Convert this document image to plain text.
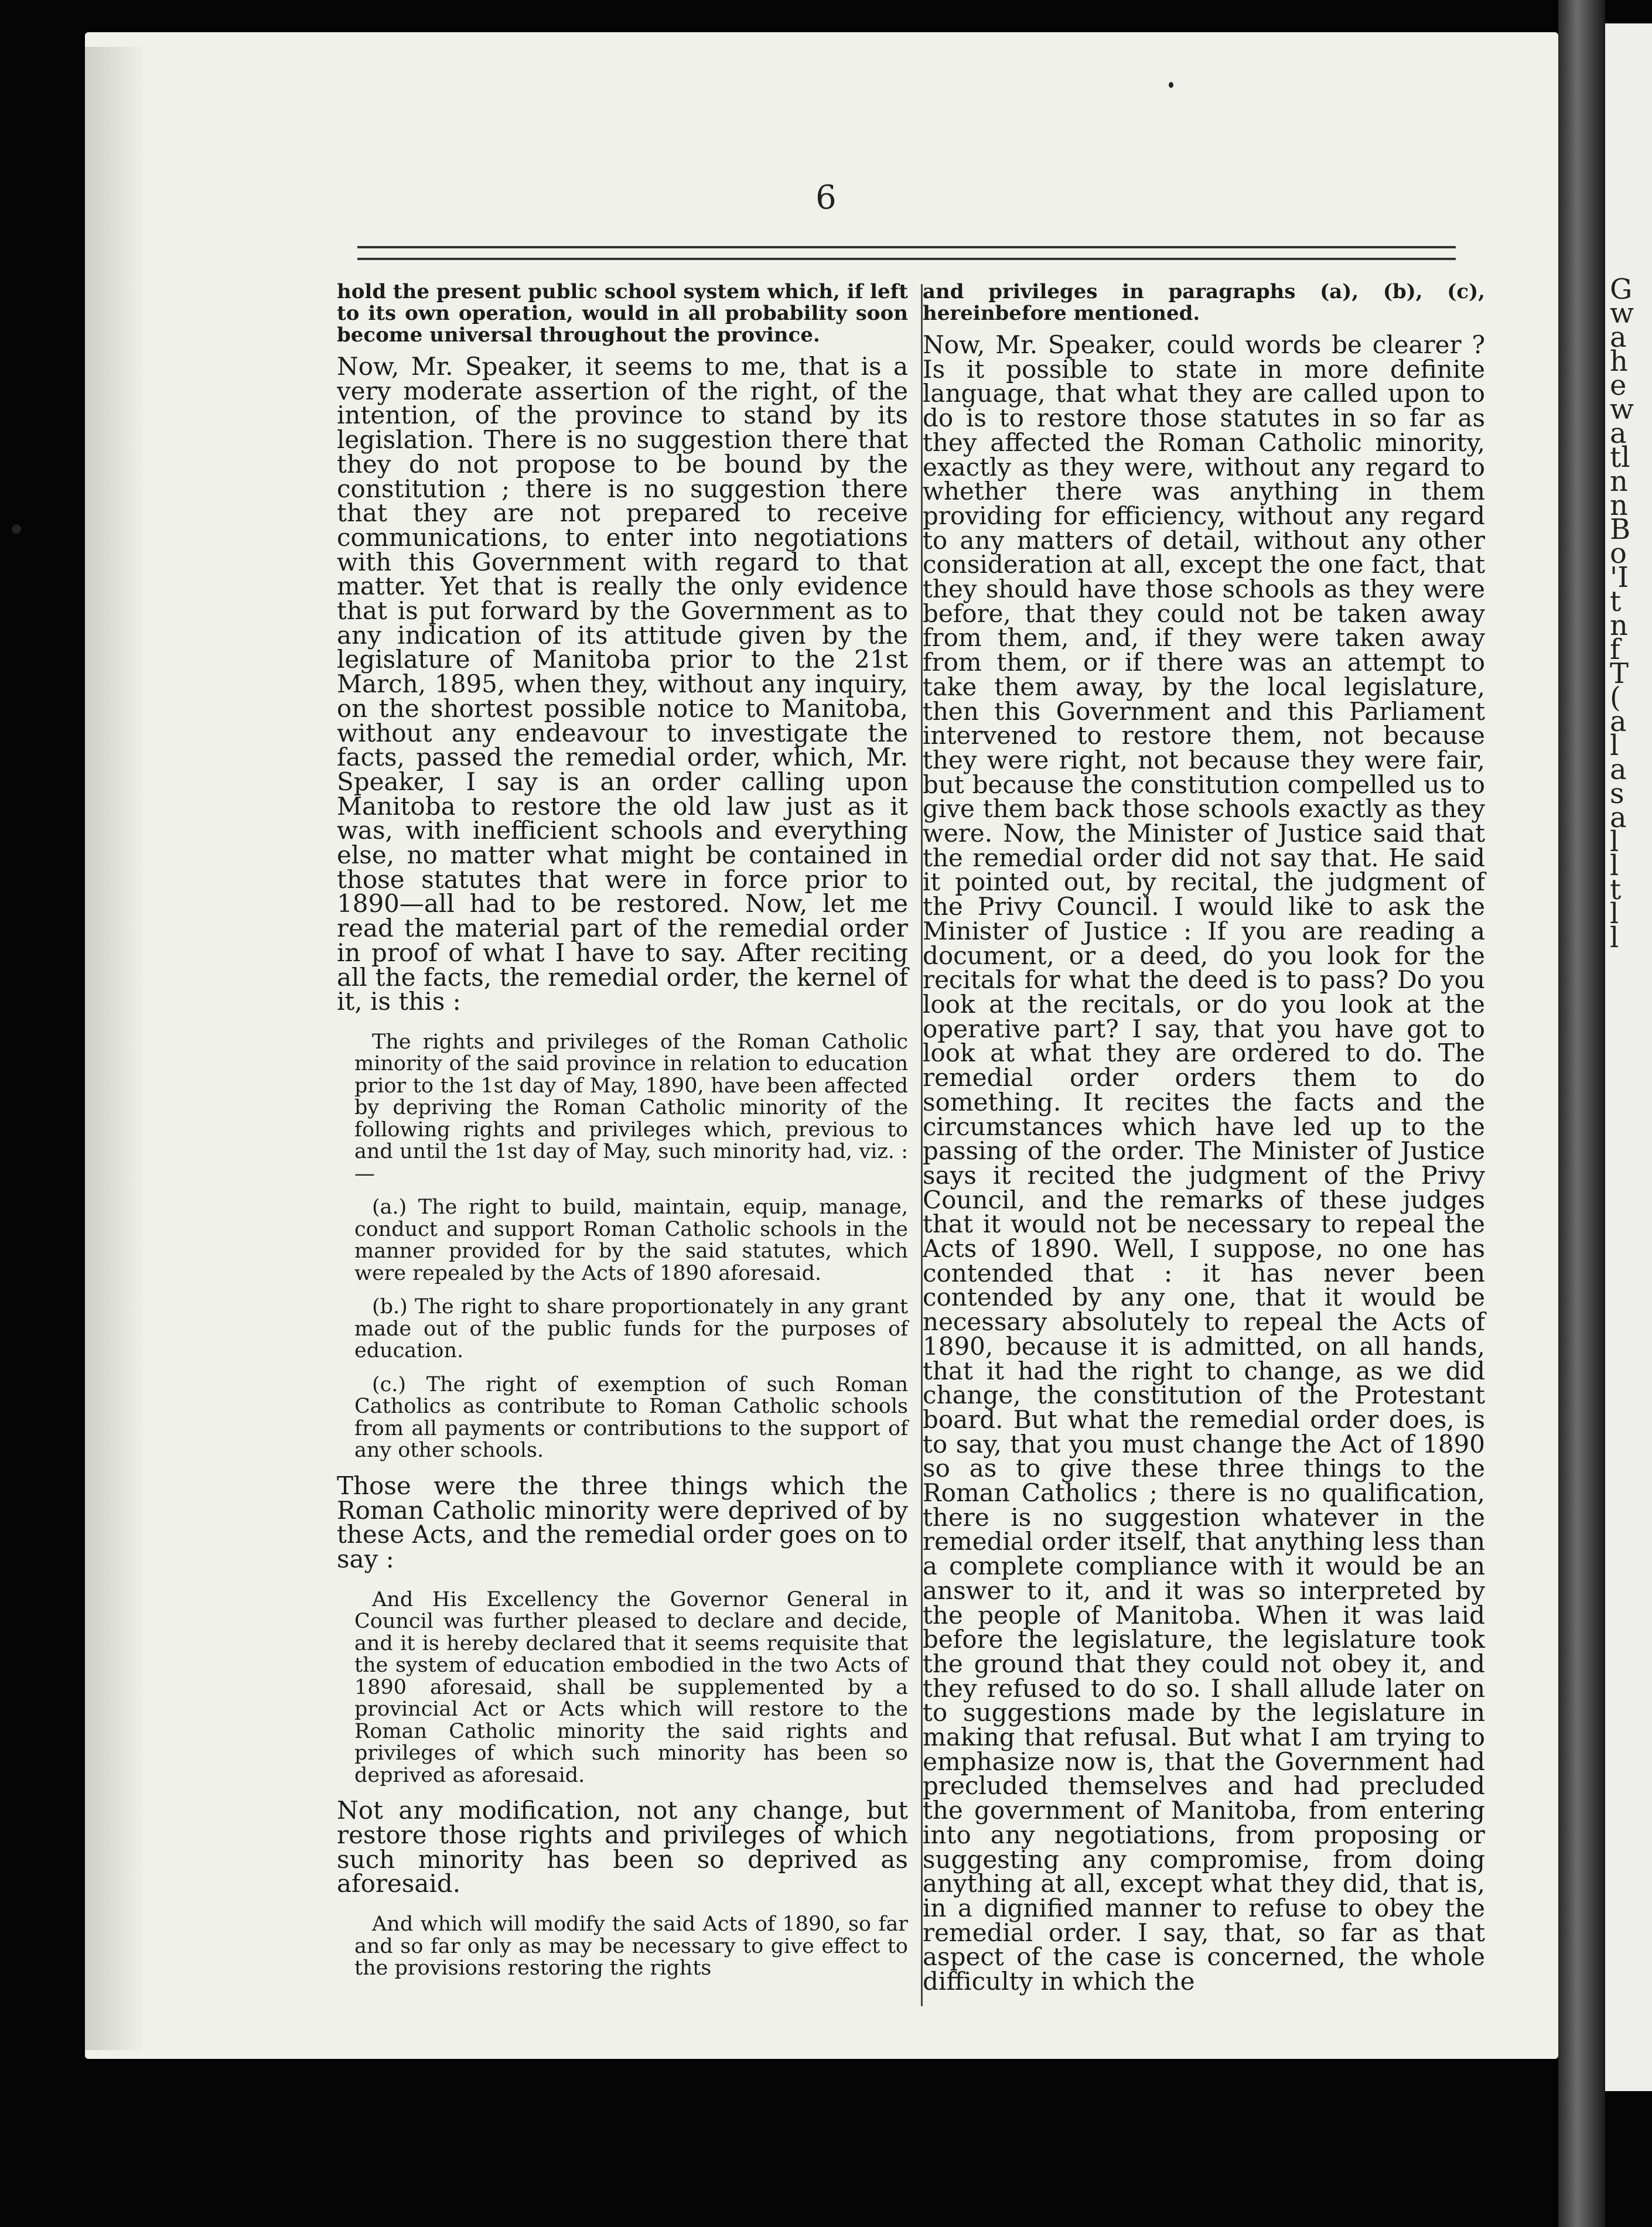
G
w
a
h
e
w
a
tl
n
n
B
o
'I
t
n
f
T
(
a
l
a
s
a
l
l
t
l
l
6

hold the present public school system which, if left to its own operation, would in all probability soon become universal throughout the province.

Now, Mr. Speaker, it seems to me, that is a very moderate assertion of the right, of the intention, of the province to stand by its legislation. There is no suggestion there that they do not propose to be bound by the constitution ; there is no suggestion there that they are not prepared to receive communications, to enter into negotiations with this Government with regard to that matter. Yet that is really the only evidence that is put forward by the Government as to any indication of its attitude given by the legislature of Manitoba prior to the 21st March, 1895, when they, without any inquiry, on the shortest possible notice to Manitoba, without any endeavour to investigate the facts, passed the remedial order, which, Mr. Speaker, I say is an order calling upon Manitoba to restore the old law just as it was, with inefficient schools and everything else, no matter what might be contained in those statutes that were in force prior to 1890—all had to be restored. Now, let me read the material part of the remedial order in proof of what I have to say. After reciting all the facts, the remedial order, the kernel of it, is this :

The rights and privileges of the Roman Catholic minority of the said province in relation to education prior to the 1st day of May, 1890, have been affected by depriving the Roman Catholic minority of the following rights and privileges which, previous to and until the 1st day of May, such minority had, viz. :—

(a.) The right to build, maintain, equip, manage, conduct and support Roman Catholic schools in the manner provided for by the said statutes, which were repealed by the Acts of 1890 aforesaid.

(b.) The right to share proportionately in any grant made out of the public funds for the purposes of education.

(c.) The right of exemption of such Roman Catholics as contribute to Roman Catholic schools from all payments or contributions to the support of any other schools.

Those were the three things which the Roman Catholic minority were deprived of by these Acts, and the remedial order goes on to say :

And His Excellency the Governor General in Council was further pleased to declare and decide, and it is hereby declared that it seems requisite that the system of education embodied in the two Acts of 1890 aforesaid, shall be supplemented by a provincial Act or Acts which will restore to the Roman Catholic minority the said rights and privileges of which such minority has been so deprived as aforesaid.

Not any modification, not any change, but restore those rights and privileges of which such minority has been so deprived as aforesaid.

And which will modify the said Acts of 1890, so far and so far only as may be necessary to give effect to the provisions restoring the rights

and privileges in paragraphs (a), (b), (c), hereinbefore mentioned.

Now, Mr. Speaker, could words be clearer ? Is it possible to state in more definite language, that what they are called upon to do is to restore those statutes in so far as they affected the Roman Catholic minority, exactly as they were, without any regard to whether there was anything in them providing for efficiency, without any regard to any matters of detail, without any other consideration at all, except the one fact, that they should have those schools as they were before, that they could not be taken away from them, and, if they were taken away from them, or if there was an attempt to take them away, by the local legislature, then this Government and this Parliament intervened to restore them, not because they were right, not because they were fair, but because the constitution compelled us to give them back those schools exactly as they were. Now, the Minister of Justice said that the remedial order did not say that. He said it pointed out, by recital, the judgment of the Privy Council. I would like to ask the Minister of Justice : If you are reading a document, or a deed, do you look for the recitals for what the deed is to pass? Do you look at the recitals, or do you look at the operative part? I say, that you have got to look at what they are ordered to do. The remedial order orders them to do something. It recites the facts and the circumstances which have led up to the passing of the order. The Minister of Justice says it recited the judgment of the Privy Council, and the remarks of these judges that it would not be necessary to repeal the Acts of 1890. Well, I suppose, no one has contended that : it has never been contended by any one, that it would be necessary absolutely to repeal the Acts of 1890, because it is admitted, on all hands, that it had the right to change, as we did change, the constitution of the Protestant board. But what the remedial order does, is to say, that you must change the Act of 1890 so as to give these three things to the Roman Catholics ; there is no qualification, there is no suggestion whatever in the remedial order itself, that anything less than a complete compliance with it would be an answer to it, and it was so interpreted by the people of Manitoba. When it was laid before the legislature, the legislature took the ground that they could not obey it, and they refused to do so. I shall allude later on to suggestions made by the legislature in making that refusal. But what I am trying to emphasize now is, that the Government had precluded themselves and had precluded the government of Manitoba, from entering into any negotiations, from proposing or suggesting any compromise, from doing anything at all, except what they did, that is, in a dignified manner to refuse to obey the remedial order. I say, that, so far as that aspect of the case is concerned, the whole difficulty in which the
